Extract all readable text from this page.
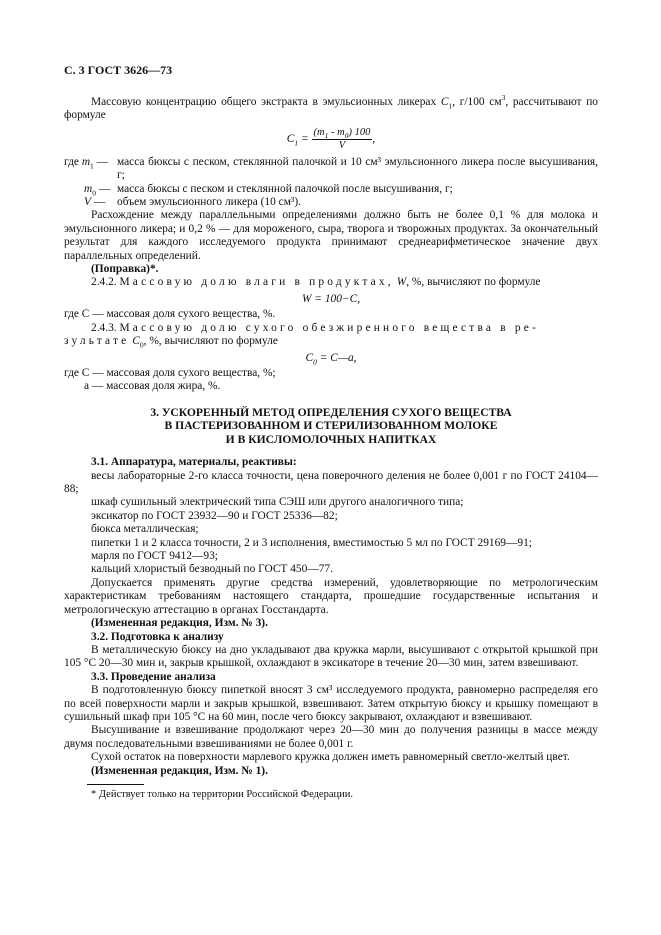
С. 3 ГОСТ 3626—73

Массовую концентрацию общего экстракта в эмульсионных ликерах $C_1$, г/100 $см^3$, рассчитывают по формуле

$C_1 = \frac{(m_1 - m_0) 100}{V}$ ,
где $m_1$ — масса бюксы с песком, стеклянной палочкой и 10 см³ эмульсионного ликера после высушивания, г;
$m_0$ — масса бюксы с песком и стеклянной палочкой после высушивания, г;
V —	объем эмульсионного ликера (10 см³).

Расхождение между параллельными определениями должно быть не более 0,1 % для молока и эмульсионного ликера; и 0,2 % — для мороженого, сыра, творога и творожных продуктах. За окончательный результат для каждого исследуемого продукта принимают среднеарифметическое значение двух параллельных определений.

(Поправка)*.

2.4.2. Массовую долю влаги в продуктах, W, %, вычисляют по формуле

W = 100−C,

где C — массовая доля сухого вещества, %.

2.4.3. Массовую долю сухого обезжиренного вещества в ре-

зультате $C_0$, %, вычисляют по формуле

$C_0$ = C—a,

где C — массовая доля сухого вещества, %;

a — массовая доля жира, %.

3. УСКОРЕННЫЙ МЕТОД ОПРЕДЕЛЕНИЯ СУХОГО ВЕЩЕСТВА
В ПАСТЕРИЗОВАННОМ И СТЕРИЛИЗОВАННОМ МОЛОКЕ
И В КИСЛОМОЛОЧНЫХ НАПИТКАХ

3.1. Аппаратура, материалы, реактивы:

весы лабораторные 2-го класса точности, цена поверочного деления не более 0,001 г по ГОСТ 24104—88;

шкаф сушильный электрический типа СЭШ или другого аналогичного типа;

эксикатор по ГОСТ 23932—90 и ГОСТ 25336—82;

бюкса металлическая;

пипетки 1 и 2 класса точности, 2 и 3 исполнения, вместимостью 5 мл по ГОСТ 29169—91;

марля по ГОСТ 9412—93;

кальций хлористый безводный по ГОСТ 450—77.

Допускается применять другие средства измерений, удовлетворяющие по метрологическим характеристикам требованиям настоящего стандарта, прошедшие государственные испытания и метрологическую аттестацию в органах Госстандарта.

(Измененная редакция, Изм. № 3).

3.2. Подготовка к анализу

В металлическую бюксу на дно укладывают два кружка марли, высушивают с открытой крышкой при 105 °С 20—30 мин и, закрыв крышкой, охлаждают в эксикаторе в течение 20—30 мин, затем взвешивают.

3.3. Проведение анализа

В подготовленную бюксу пипеткой вносят 3 см³ исследуемого продукта, равномерно распределяя его по всей поверхности марли и закрыв крышкой, взвешивают. Затем открытую бюксу и крышку помещают в сушильный шкаф при 105 °С на 60 мин, после чего бюксу закрывают, охлаждают и взвешивают.

Высушивание и взвешивание продолжают через 20—30 мин до получения разницы в массе между двумя последовательными взвешиваниями не более 0,001 г.

Сухой остаток на поверхности марлевого кружка должен иметь равномерный светло-желтый цвет.

(Измененная редакция, Изм. № 1).

* Действует только на территории Российской Федерации.
